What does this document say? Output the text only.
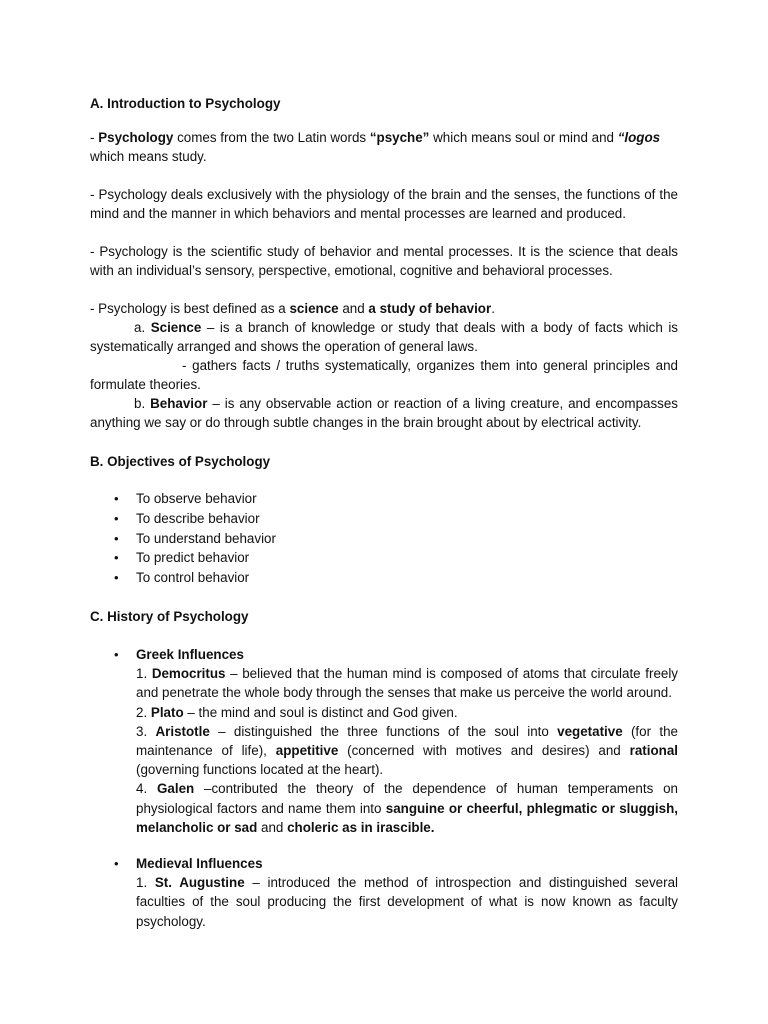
A. Introduction to Psychology

- Psychology comes from the two Latin words “psyche” which means soul or mind and “logos
which means study.

- Psychology deals exclusively with the physiology of the brain and the senses, the functions of the mind and the manner in which behaviors and mental processes are learned and produced.

- Psychology is the scientific study of behavior and mental processes. It is the science that deals with an individual’s sensory, perspective, emotional, cognitive and behavioral processes.

- Psychology is best defined as a science and a study of behavior.

a. Science – is a branch of knowledge or study that deals with a body of facts which is systematically arranged and shows the operation of general laws.

- gathers facts / truths systematically, organizes them into general principles and formulate theories.

b. Behavior – is any observable action or reaction of a living creature, and encompasses anything we say or do through subtle changes in the brain brought about by electrical activity.

B. Objectives of Psychology

• To observe behavior
• To describe behavior
• To understand behavior
• To predict behavior
• To control behavior

C. History of Psychology

• Greek Influences

1. Democritus – believed that the human mind is composed of atoms that circulate freely and penetrate the whole body through the senses that make us perceive the world around.

2. Plato – the mind and soul is distinct and God given.

3. Aristotle – distinguished the three functions of the soul into vegetative (for the maintenance of life), appetitive (concerned with motives and desires) and rational (governing functions located at the heart).

4. Galen –contributed the theory of the dependence of human temperaments on physiological factors and name them into sanguine or cheerful, phlegmatic or sluggish, melancholic or sad and choleric as in irascible.

• Medieval Influences

1. St. Augustine – introduced the method of introspection and distinguished several faculties of the soul producing the first development of what is now known as faculty psychology.
